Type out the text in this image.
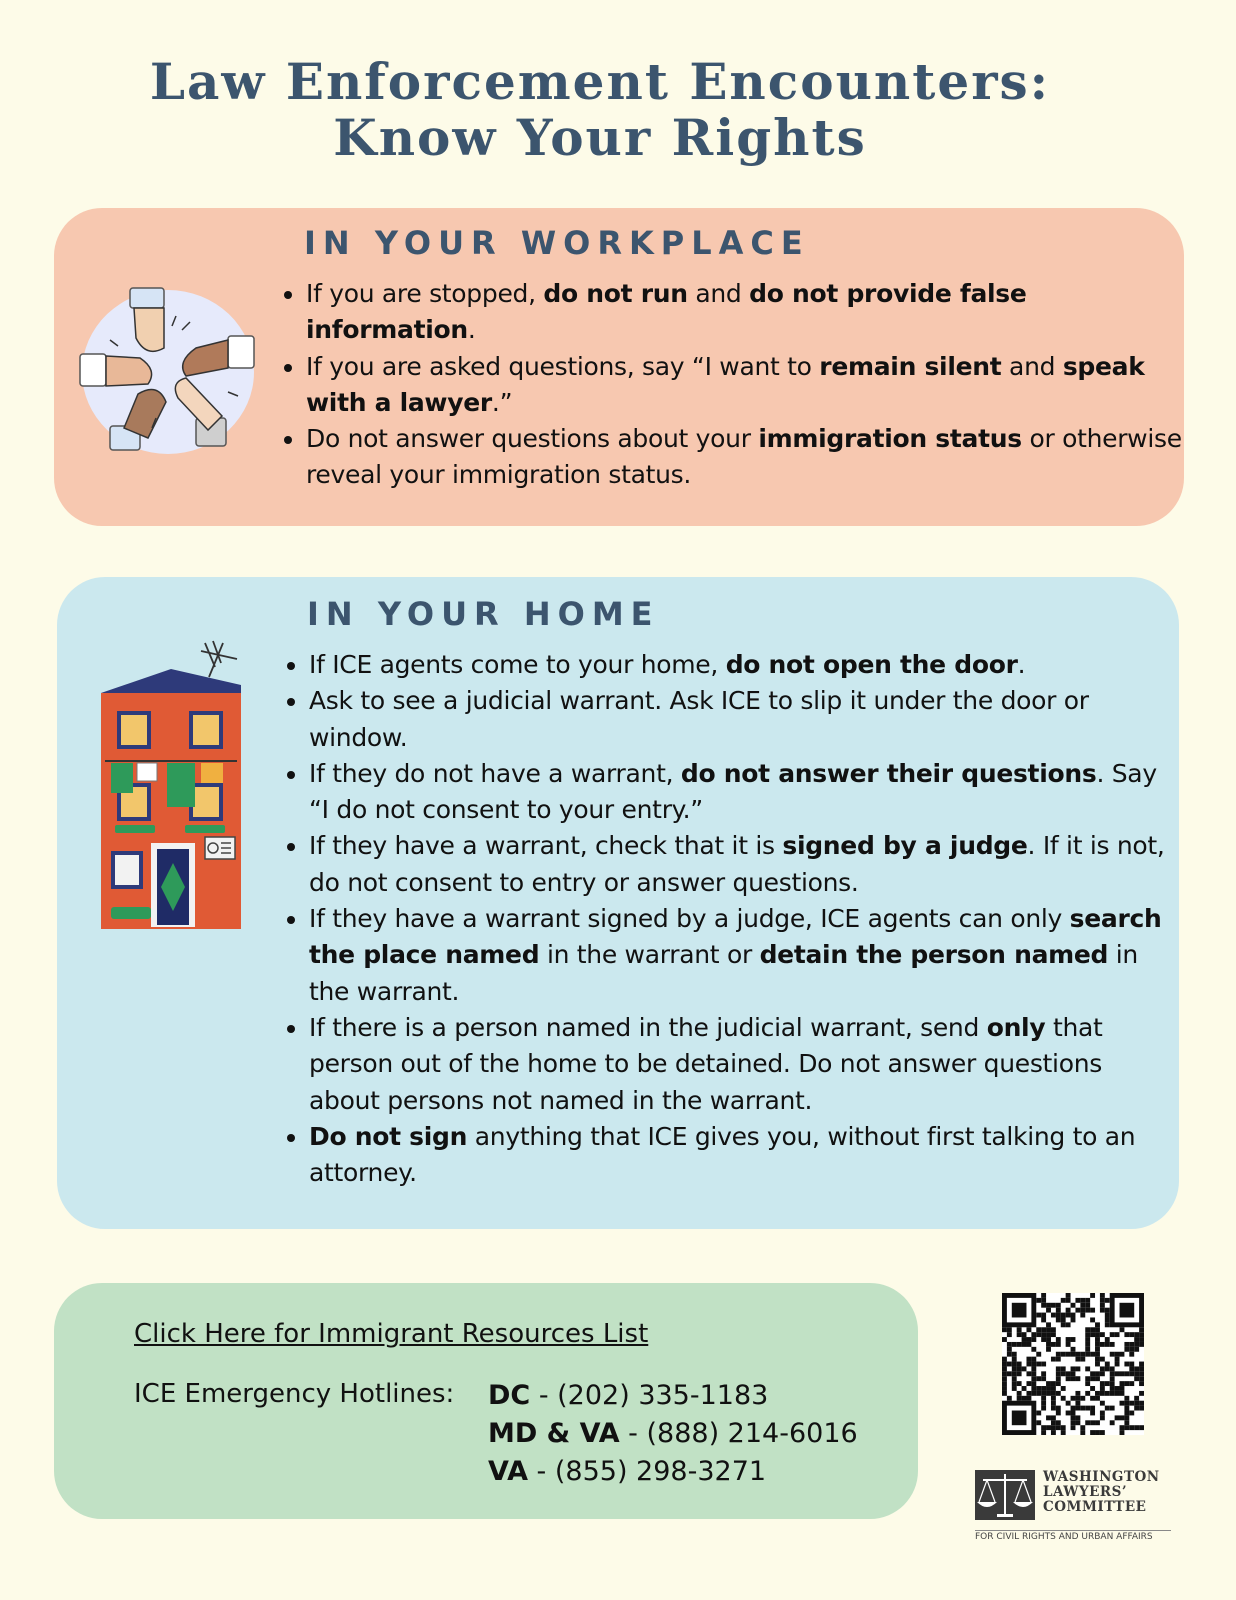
Law Enforcement Encounters:
Know Your Rights
IN YOUR WORKPLACE
• If you are stopped, do not run and do not provide false information.
• If you are asked questions, say “I want to remain silent and speak with a lawyer.”
• Do not answer questions about your immigration status or otherwise reveal your immigration status.
IN YOUR HOME
• If ICE agents come to your home, do not open the door.
• Ask to see a judicial warrant. Ask ICE to slip it under the door or window.
• If they do not have a warrant, do not answer their questions. Say “I do not consent to your entry.”
• If they have a warrant, check that it is signed by a judge. If it is not, do not consent to entry or answer questions.
• If they have a warrant signed by a judge, ICE agents can only search the place named in the warrant or detain the person named in the warrant.
• If there is a person named in the judicial warrant, send only that person out of the home to be detained. Do not answer questions about persons not named in the warrant.
• Do not sign anything that ICE gives you, without first talking to an attorney.
Click Here for Immigrant Resources List
ICE Emergency Hotlines: DC - (202) 335-1183
MD & VA - (888) 214-6016
VA - (855) 298-3271	WASHINGTON
LAWYERS’
COMMITTEE
FOR CIVIL RIGHTS AND URBAN AFFAIRS
